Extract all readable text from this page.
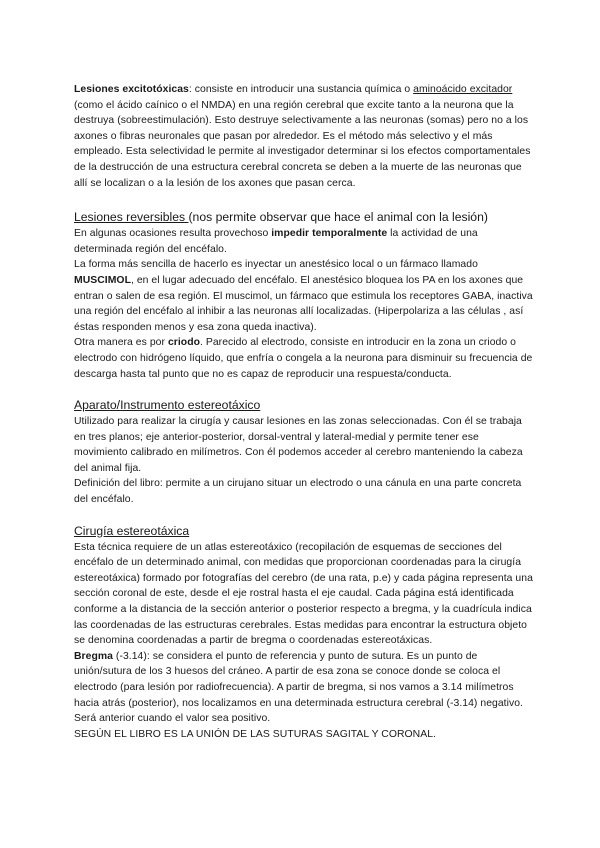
Lesiones excitotóxicas: consiste en introducir una sustancia química o aminoácido excitador (como el ácido caínico o el NMDA) en una región cerebral que excite tanto a la neurona que la destruya (sobreestimulación). Esto destruye selectivamente a las neuronas (somas) pero no a los axones o fibras neuronales que pasan por alrededor. Es el método más selectivo y el más empleado. Esta selectividad le permite al investigador determinar si los efectos comportamentales de la destrucción de una estructura cerebral concreta se deben a la muerte de las neuronas que allí se localizan o a la lesión de los axones que pasan cerca.

Lesiones reversibles (nos permite observar que hace el animal con la lesión)

En algunas ocasiones resulta provechoso impedir temporalmente la actividad de una determinada región del encéfalo.

La forma más sencilla de hacerlo es inyectar un anestésico local o un fármaco llamado MUSCIMOL, en el lugar adecuado del encéfalo. El anestésico bloquea los PA en los axones que entran o salen de esa región. El muscimol, un fármaco que estimula los receptores GABA, inactiva una región del encéfalo al inhibir a las neuronas allí localizadas. (Hiperpolariza a las células , así éstas responden menos y esa zona queda inactiva).

Otra manera es por criodo. Parecido al electrodo, consiste en introducir en la zona un criodo o electrodo con hidrógeno líquido, que enfría o congela a la neurona para disminuir su frecuencia de descarga hasta tal punto que no es capaz de reproducir una respuesta/conducta.

Aparato/Instrumento estereotáxico

Utilizado para realizar la cirugía y causar lesiones en las zonas seleccionadas. Con él se trabaja en tres planos; eje anterior-posterior, dorsal-ventral y lateral-medial y permite tener ese movimiento calibrado en milímetros. Con él podemos acceder al cerebro manteniendo la cabeza del animal fija.

Definición del libro: permite a un cirujano situar un electrodo o una cánula en una parte concreta del encéfalo.

Cirugía estereotáxica

Esta técnica requiere de un atlas estereotáxico (recopilación de esquemas de secciones del encéfalo de un determinado animal, con medidas que proporcionan coordenadas para la cirugía estereotáxica) formado por fotografías del cerebro (de una rata, p.e) y cada página representa una sección coronal de este, desde el eje rostral hasta el eje caudal. Cada página está identificada conforme a la distancia de la sección anterior o posterior respecto a bregma, y la cuadrícula indica las coordenadas de las estructuras cerebrales. Estas medidas para encontrar la estructura objeto se denomina coordenadas a partir de bregma o coordenadas estereotáxicas.

Bregma (-3.14): se considera el punto de referencia y punto de sutura. Es un punto de unión/sutura de los 3 huesos del cráneo. A partir de esa zona se conoce donde se coloca el electrodo (para lesión por radiofrecuencia). A partir de bregma, si nos vamos a 3.14 milímetros hacia atrás (posterior), nos localizamos en una determinada estructura cerebral (-3.14) negativo.

Será anterior cuando el valor sea positivo.

SEGÚN EL LIBRO ES LA UNIÓN DE LAS SUTURAS SAGITAL Y CORONAL.
